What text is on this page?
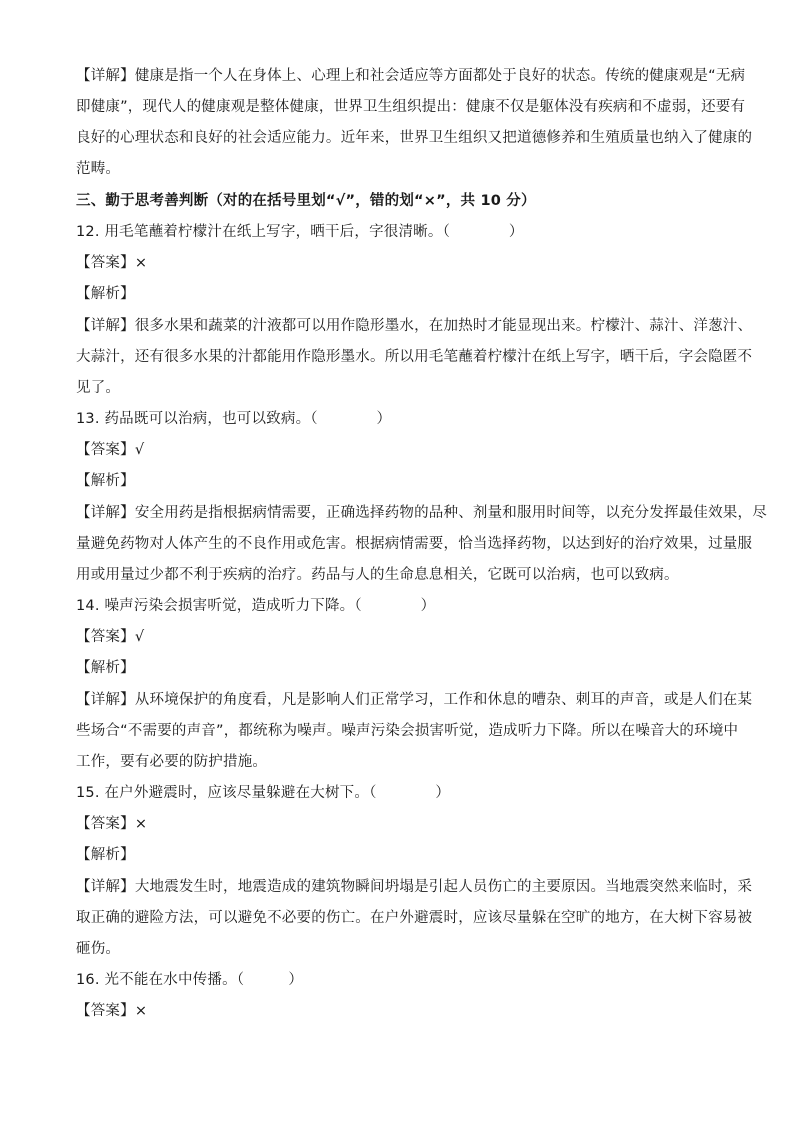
【详解】健康是指一个人在身体上、心理上和社会适应等方面都处于良好的状态。传统的健康观是“无病
即健康”，现代人的健康观是整体健康，世界卫生组织提出：健康不仅是躯体没有疾病和不虚弱，还要有
良好的心理状态和良好的社会适应能力。近年来，世界卫生组织又把道德修养和生殖质量也纳入了健康的
范畴。
三、勤于思考善判断（对的在括号里划“√”，错的划“×”，共 10 分）
12. 用毛笔蘸着柠檬汁在纸上写字，晒干后，字很清晰。（　　　　）
【答案】×
【解析】
【详解】很多水果和蔬菜的汁液都可以用作隐形墨水，在加热时才能显现出来。柠檬汁、蒜汁、洋葱汁、
大蒜汁，还有很多水果的汁都能用作隐形墨水。所以用毛笔蘸着柠檬汁在纸上写字，晒干后，字会隐匿不
见了。
13. 药品既可以治病，也可以致病。（　　　　）
【答案】√
【解析】
【详解】安全用药是指根据病情需要，正确选择药物的品种、剂量和服用时间等，以充分发挥最佳效果，尽
量避免药物对人体产生的不良作用或危害。根据病情需要，恰当选择药物，以达到好的治疗效果，过量服
用或用量过少都不利于疾病的治疗。药品与人的生命息息相关，它既可以治病，也可以致病。
14. 噪声污染会损害听觉，造成听力下降。（　　　　）
【答案】√
【解析】
【详解】从环境保护的角度看，凡是影响人们正常学习，工作和休息的嘈杂、刺耳的声音，或是人们在某
些场合“不需要的声音”，都统称为噪声。噪声污染会损害听觉，造成听力下降。所以在噪音大的环境中
工作，要有必要的防护措施。
15. 在户外避震时，应该尽量躲避在大树下。（　　　　）
【答案】×
【解析】
【详解】大地震发生时，地震造成的建筑物瞬间坍塌是引起人员伤亡的主要原因。当地震突然来临时，采
取正确的避险方法，可以避免不必要的伤亡。在户外避震时，应该尽量躲在空旷的地方，在大树下容易被
砸伤。
16. 光不能在水中传播。（　　　）
【答案】×
